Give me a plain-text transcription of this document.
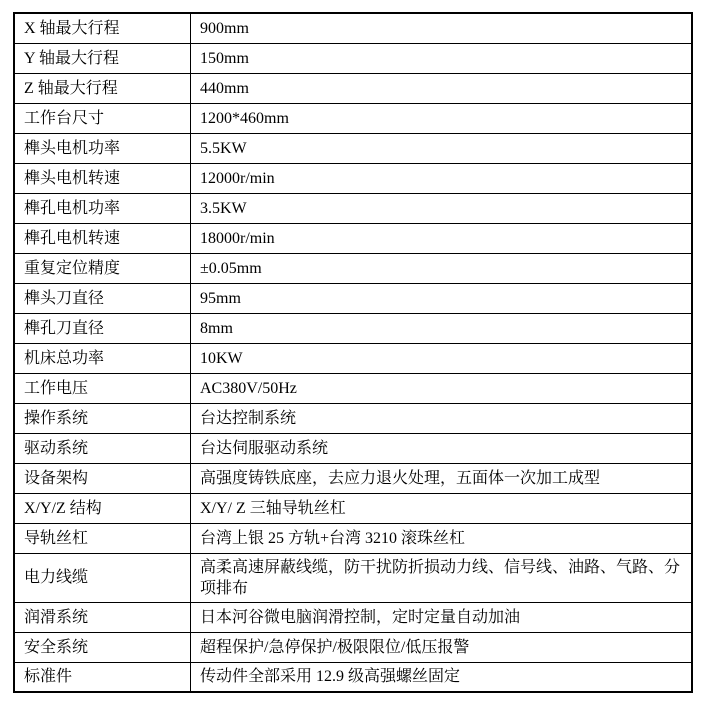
X 轴最大行程	900mm
Y 轴最大行程	150mm
Z 轴最大行程	440mm
工作台尺寸	1200*460mm
榫头电机功率	5.5KW
榫头电机转速	12000r/min
榫孔电机功率	3.5KW
榫孔电机转速	18000r/min
重复定位精度	±0.05mm
榫头刀直径	95mm
榫孔刀直径	8mm
机床总功率	10KW
工作电压	AC380V/50Hz
操作系统	台达控制系统
驱动系统	台达伺服驱动系统
设备架构	高强度铸铁底座，去应力退火处理，五面体一次加工成型
X/Y/Z 结构	X/Y/ Z 三轴导轨丝杠
导轨丝杠	台湾上银 25 方轨+台湾 3210 滚珠丝杠
电力线缆	高柔高速屏蔽线缆，防干扰防折损动力线、信号线、油路、气路、分项排布
润滑系统	日本河谷微电脑润滑控制，定时定量自动加油
安全系统	超程保护/急停保护/极限限位/低压报警
标准件	传动件全部采用 12.9 级高强螺丝固定
